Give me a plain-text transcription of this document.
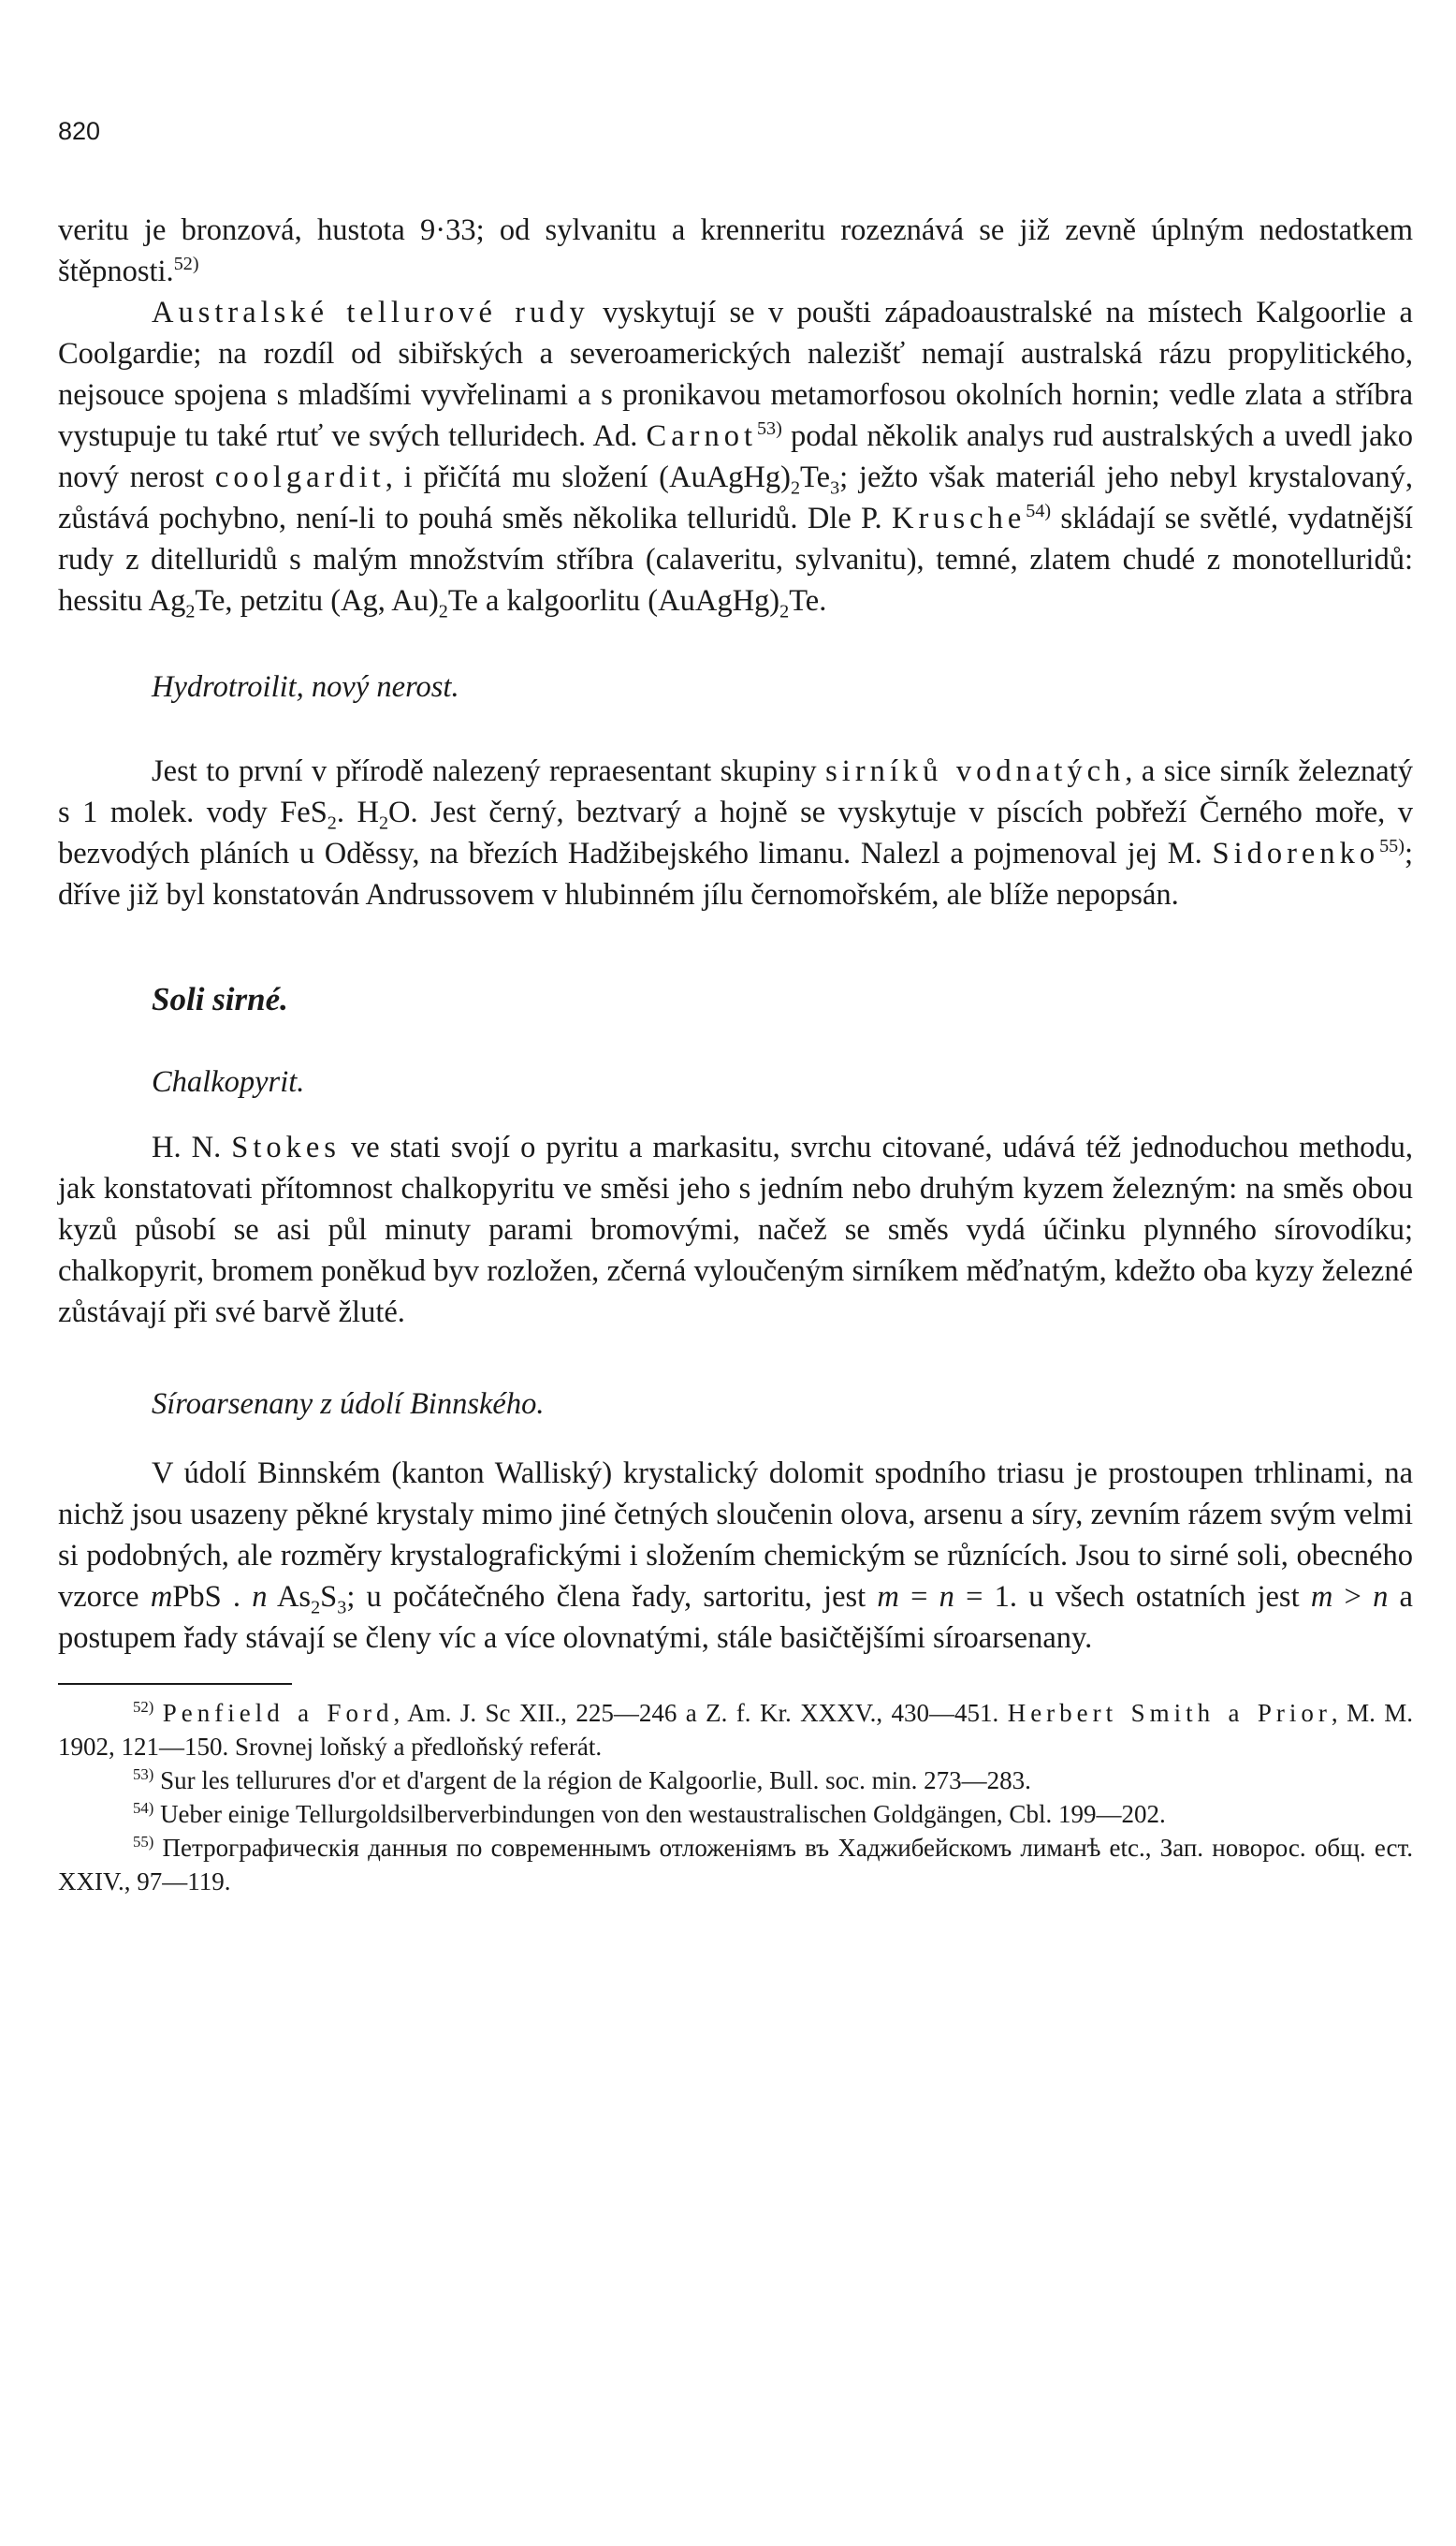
820

veritu je bronzová, hustota 9·33; od sylvanitu a krenneritu rozeznává se již zevně úplným nedostatkem štěpnosti.$^{52)}$

Australské tellurové rudy vyskytují se v poušti západoaustralské na místech Kalgoorlie a Coolgardie; na rozdíl od sibiřských a severoamerických nalezišť nemají australská rázu propylitického, nejsouce spojena s mladšími vyvřelinami a s pronikavou metamorfosou okolních hornin; vedle zlata a stříbra vystupuje tu také rtuť ve svých telluridech. Ad. Carnot$^{53)}$ podal několik analys rud australských a uvedl jako nový nerost coolgardit, i přičítá mu složení $(AuAgHg)_2Te_3$; ježto však materiál jeho nebyl krystalovaný, zůstává pochybno, není-li to pouhá směs několika telluridů. Dle P. Krusche$^{54)}$ skládají se světlé, vydatnější rudy z ditelluridů s malým množstvím stříbra (calaveritu, sylvanitu), temné, zlatem chudé z monotelluridů: hessitu $Ag_2Te$, petzitu (Ag, $Au)_2Te$ a kalgoorlitu $(AuAgHg)_2Te$.

Hydrotroilit, nový nerost.

Jest to první v přírodě nalezený repraesentant skupiny sirníků vodnatých, a sice sirník železnatý s 1 molek. vody FeS$_2$. $H_2O$. Jest černý, beztvarý a hojně se vyskytuje v píscích pobřeží Černého moře, v bezvodých pláních u Oděssy, na březích Hadžibejského limanu. Nalezl a pojmenoval jej M. Sidorenko$^{55)}$; dříve již byl konstatován Andrussovem v hlubinném jílu černomořském, ale blíže nepopsán.

Soli sirné.

Chalkopyrit.

H. N. Stokes ve stati svojí o pyritu a markasitu, svrchu citované, udává též jednoduchou methodu, jak konstatovati přítomnost chalkopyritu ve směsi jeho s jedním nebo druhým kyzem železným: na směs obou kyzů působí se asi půl minuty parami bromovými, načež se směs vydá účinku plynného sírovodíku; chalkopyrit, bromem poněkud byv rozložen, zčerná vyloučeným sirníkem měďnatým, kdežto oba kyzy železné zůstávají při své barvě žluté.

Síroarsenany z údolí Binnského.

V údolí Binnském (kanton Walliský) krystalický dolomit spodního triasu je prostoupen trhlinami, na nichž jsou usazeny pěkné krystaly mimo jiné četných sloučenin olova, arsenu a síry, zevním rázem svým velmi si podobných, ale rozměry krystalografickými i složením chemickým se různících. Jsou to sirné soli, obecného vzorce mPbS . n $As_2S_3$; u počátečného člena řady, sartoritu, jest m = n = 1. u všech ostatních jest m > n a postupem řady stávají se členy víc a více olovnatými, stále basičtějšími síroarsenany.

$^{52)}$ Penfield a Ford, Am. J. Sc XII., 225—246 a Z. f. Kr. XXXV., 430—451. Herbert Smith a Prior, M. M. 1902, 121—150. Srovnej loňský a předloňský referát.

$^{53)}$ Sur les tellurures d'or et d'argent de la région de Kalgoorlie, Bull. soc. min. 273—283.

$^{54)}$ Ueber einige Tellurgoldsilberverbindungen von den westaustralischen Goldgängen, Cbl. 199—202.

$^{55)}$ Петрографическія данныя по современнымъ отложеніямъ въ Хаджибейскомъ лиманѣ etc., Зап. новорос. общ. ест. XXIV., 97—119.
